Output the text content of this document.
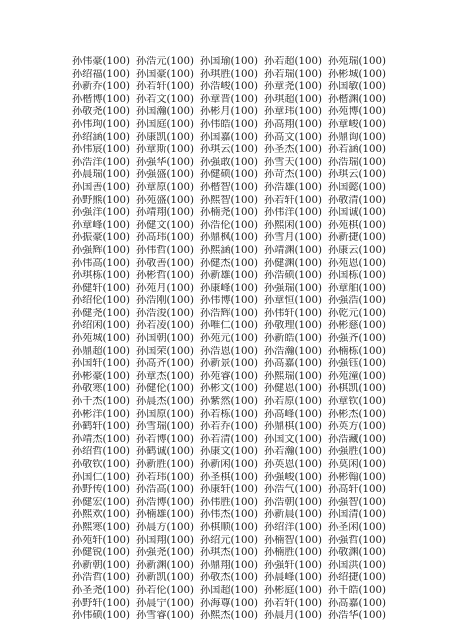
孙伟豪(100) 孙浩元(100) 孙国瑜(100) 孙若超(100) 孙苑瑞(100)
孙绍福(100) 孙国豪(100) 孙琪胜(100) 孙若瑞(100) 孙彬城(100)
孙新乔(100) 孙若轩(100) 孙浩峻(100) 孙章尧(100) 孙国敏(100)
孙楷博(100) 孙若文(100) 孙章晋(100) 孙琪超(100) 孙楷渊(100)
孙敬尧(100) 孙国瀚(100) 孙彬月(100) 孙章玮(100) 孙苑博(100)
孙伟珣(100) 孙国庭(100) 孙伟皓(100) 孙高翔(100) 孙章峻(100)
孙绍涵(100) 孙康凯(100) 孙国嘉(100) 孙高文(100) 孙鼎询(100)
孙伟宸(100) 孙章斯(100) 孙琪云(100) 孙圣杰(100) 孙若涵(100)
孙浩洋(100) 孙强华(100) 孙强敢(100) 孙雪天(100) 孙浩瑞(100)
孙晨瑞(100) 孙强盛(100) 孙健硕(100) 孙苛杰(100) 孙琪云(100)
孙国善(100) 孙章原(100) 孙楷智(100) 孙浩雄(100) 孙国懿(100)
孙野熊(100) 孙苑盛(100) 孙熙智(100) 孙若轩(100) 孙敬清(100)
孙强洋(100) 孙靖翔(100) 孙楠尧(100) 孙伟洋(100) 孙国诚(100)
孙章峰(100) 孙健文(100) 孙浩伦(100) 孙熙闲(100) 孙苑棋(100)
孙振豪(100) 孙高玮(100) 孙鼎枫(100) 孙雪月(100) 孙新捷(100)
孙强辉(100) 孙伟哲(100) 孙熙涵(100) 孙靖渊(100) 孙康云(100)
孙伟高(100) 孙敬善(100) 孙健杰(100) 孙健渊(100) 孙苑恩(100)
孙琪栋(100) 孙彬哲(100) 孙新雄(100) 孙浩硕(100) 孙国栋(100)
孙健轩(100) 孙苑月(100) 孙康峰(100) 孙强瑞(100) 孙章舶(100)
孙绍伦(100) 孙浩刚(100) 孙伟博(100) 孙章恒(100) 孙强浩(100)
孙健尧(100) 孙浩浚(100) 孙浩辉(100) 孙伟轩(100) 孙乾元(100)
孙绍闲(100) 孙若凌(100) 孙唯仁(100) 孙敬理(100) 孙彬慈(100)
孙苑城(100) 孙国朝(100) 孙苑元(100) 孙新皓(100) 孙强齐(100)
孙鼎超(100) 孙国荣(100) 孙浩恩(100) 孙浩瀚(100) 孙楠栋(100)
孙国轩(100) 孙高齐(100) 孙新景(100) 孙高嘉(100) 孙强钰(100)
孙彬豪(100) 孙章杰(100) 孙苑睿(100) 孙熙瑞(100) 孙苑潼(100)
孙敬寒(100) 孙健伦(100) 孙彬文(100) 孙健恩(100) 孙棋凯(100)
孙千杰(100) 孙晨杰(100) 孙紫然(100) 孙若原(100) 孙章钦(100)
孙彬洋(100) 孙国原(100) 孙若栋(100) 孙高峰(100) 孙彬杰(100)
孙鹤轩(100) 孙雪瑞(100) 孙若乔(100) 孙鼎棋(100) 孙英方(100)
孙靖杰(100) 孙若博(100) 孙若清(100) 孙国文(100) 孙浩藏(100)
孙绍哲(100) 孙鹤诚(100) 孙康文(100) 孙若瀚(100) 孙强胜(100)
孙敬钦(100) 孙新胜(100) 孙新闲(100) 孙英恩(100) 孙莫闲(100)
孙国仁(100) 孙若玮(100) 孙圣棋(100) 孙强峻(100) 孙彬翰(100)
孙野传(100) 孙浩高(100) 孙康轩(100) 孙浩气(100) 孙高轩(100)
孙健宏(100) 孙浩博(100) 孙伟胜(100) 孙浩朝(100) 孙强智(100)
孙熙欢(100) 孙楠雄(100) 孙伟杰(100) 孙新晨(100) 孙国清(100)
孙熙寒(100) 孙晨方(100) 孙棋顺(100) 孙绍洋(100) 孙圣闲(100)
孙苑轩(100) 孙国翔(100) 孙绍元(100) 孙楠智(100) 孙强哲(100)
孙健锐(100) 孙强尧(100) 孙琪杰(100) 孙楠胜(100) 孙敬渊(100)
孙新朝(100) 孙新渊(100) 孙鼎翔(100) 孙强轩(100) 孙国洪(100)
孙浩哲(100) 孙新凯(100) 孙敬杰(100) 孙晨峰(100) 孙绍捷(100)
孙圣尧(100) 孙若伦(100) 孙国超(100) 孙彬庭(100) 孙千皓(100)
孙野轩(100) 孙晨宁(100) 孙海尊(100) 孙若轩(100) 孙高嘉(100)
孙伟硕(100) 孙雪睿(100) 孙熙杰(100) 孙晨月(100) 孙浩华(100)
